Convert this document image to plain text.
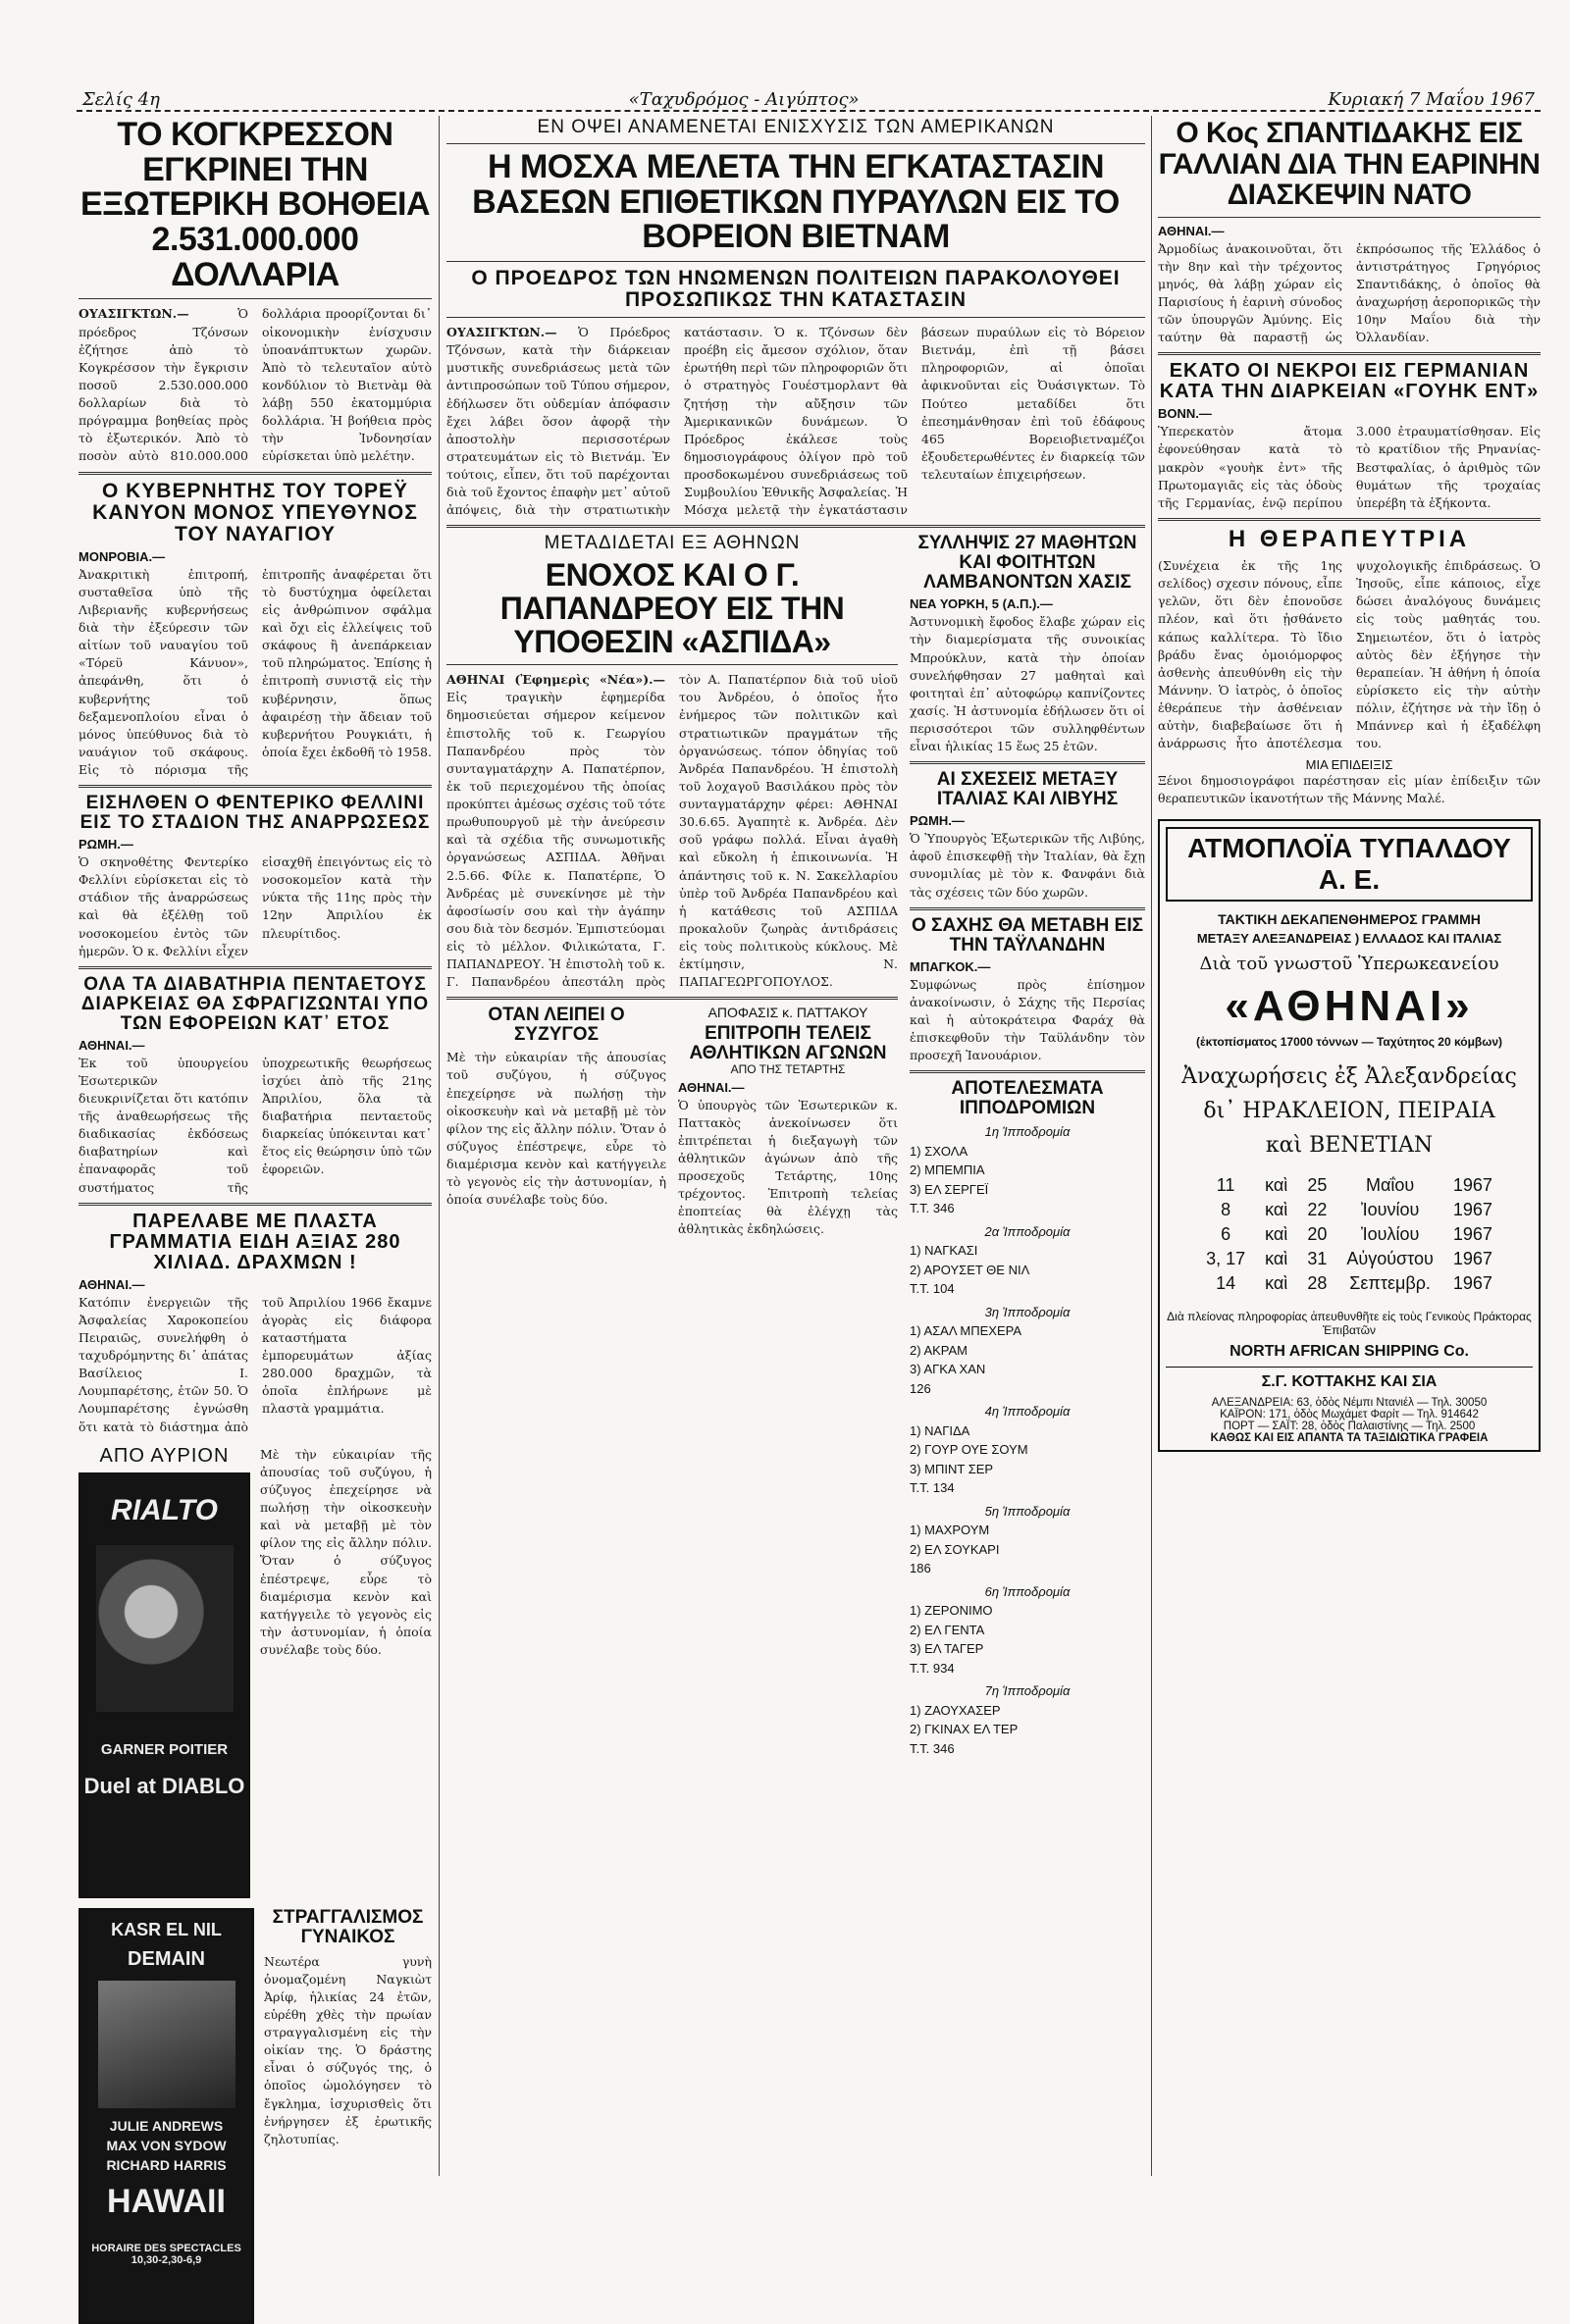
Σελίς 4η	«Ταχυδρόμος - Αιγύπτος»	Κυριακή 7 Μαΐου 1967
ΤΟ ΚΟΓΚΡΕΣΣΟΝ ΕΓΚΡΙΝΕΙ ΤΗΝ ΕΞΩΤΕΡΙΚΗ ΒΟΗΘΕΙΑ 2.531.000.000 ΔΟΛΛΑΡΙΑ
ΟΥΑΣΙΓΚΤΩΝ.—	Ὁ πρόεδρος Τζόνσων ἐζήτησε ἀπὸ τὸ Κογκρέσσον τὴν ἔγκρισιν ποσοῦ 2.530.000.000 δολλαρίων διὰ τὸ πρόγραμμα βοηθείας πρὸς τὸ ἐξωτερικόν. Ἀπὸ τὸ ποσὸν αὐτὸ 810.000.000 δολλάρια προορίζονται δι᾽ οἰκονομικὴν ἐνίσχυσιν ὑποανάπτυκτων χωρῶν. Ἀπὸ τὸ τελευταῖον αὐτὸ κονδύλιον τὸ Βιετνὰμ θὰ λάβῃ 550 ἑκατομμύρια δολλάρια. Ἡ βοήθεια πρὸς τὴν Ἰνδονησίαν εὑρίσκεται ὑπὸ μελέτην.
Ο ΚΥΒΕΡΝΗΤΗΣ ΤΟΥ ΤΟΡΕΫ ΚΑΝΥΟΝ ΜΟΝΟΣ ΥΠΕΥΘΥΝΟΣ ΤΟΥ ΝΑΥΑΓΙΟΥ
ΜΟΝΡΟΒΙΑ.—
Ἀνακριτικὴ ἐπιτροπή, συσταθεῖσα ὑπὸ τῆς Λιβεριανῆς κυβερνήσεως διὰ τὴν ἐξεύρεσιν τῶν αἰτίων τοῦ ναυαγίου τοῦ «Τόρεϋ Κάνυον», ἀπεφάνθη, ὅτι ὁ κυβερνήτης τοῦ δεξαμενοπλοίου εἶναι ὁ μόνος ὑπεύθυνος διὰ τὸ ναυάγιον τοῦ σκάφους. Εἰς τὸ πόρισμα τῆς ἐπιτροπῆς ἀναφέρεται ὅτι τὸ δυστύχημα ὀφείλεται εἰς ἀνθρώπινον σφάλμα καὶ ὄχι εἰς ἐλλείψεις τοῦ σκάφους ἢ ἀνεπάρκειαν τοῦ πληρώματος. Ἐπίσης ἡ ἐπιτροπὴ συνιστᾷ εἰς τὴν κυβέρνησιν, ὅπως ἀφαιρέσῃ τὴν ἄδειαν τοῦ κυβερνήτου Ρουγκιάτι, ἡ ὁποία ἔχει ἐκδοθῆ τὸ 1958.
ΕΙΣΗΛΘΕΝ Ο ΦΕΝΤΕΡΙΚΟ ΦΕΛΛΙΝΙ ΕΙΣ ΤΟ ΣΤΑΔΙΟΝ ΤΗΣ ΑΝΑΡΡΩΣΕΩΣ
ΡΩΜΗ.—
Ὁ σκηνοθέτης Φεντερίκο Φελλίνι εὑρίσκεται εἰς τὸ στάδιον τῆς ἀναρρώσεως καὶ θὰ ἐξέλθῃ τοῦ νοσοκομείου ἐντὸς τῶν ἡμερῶν. Ὁ κ. Φελλίνι εἶχεν εἰσαχθῆ ἐπειγόντως εἰς τὸ νοσοκομεῖον κατὰ τὴν νύκτα τῆς 11ης πρὸς τὴν 12ην Ἀπριλίου ἐκ πλευρίτιδος.
ΟΛΑ ΤΑ ΔΙΑΒΑΤΗΡΙΑ ΠΕΝΤΑΕΤΟΥΣ ΔΙΑΡΚΕΙΑΣ ΘΑ ΣΦΡΑΓΙΖΩΝΤΑΙ ΥΠΟ ΤΩΝ ΕΦΟΡΕΙΩΝ ΚΑΤ᾽ ΕΤΟΣ
ΑΘΗΝΑΙ.—
Ἐκ τοῦ ὑπουργείου Ἐσωτερικῶν διευκρινίζεται ὅτι κατόπιν τῆς ἀναθεωρήσεως τῆς διαδικασίας ἐκδόσεως διαβατηρίων καὶ ἐπαναφορᾶς τοῦ συστήματος τῆς ὑποχρεωτικῆς θεωρήσεως ἰσχύει ἀπὸ τῆς 21ης Ἀπριλίου, ὅλα τὰ διαβατήρια πενταετοῦς διαρκείας ὑπόκεινται κατ᾽ ἔτος εἰς θεώρησιν ὑπὸ τῶν ἐφορειῶν.
ΠΑΡΕΛΑΒΕ ΜΕ ΠΛΑΣΤΑ ΓΡΑΜΜΑΤΙΑ ΕΙΔΗ ΑΞΙΑΣ 280 ΧΙΛΙΑΔ. ΔΡΑΧΜΩΝ !
ΑΘΗΝΑΙ.—
Κατόπιν ἐνεργειῶν τῆς Ἀσφαλείας Χαροκοπείου Πειραιῶς, συνελήφθη ὁ ταχυδρόμηντης δι᾽ ἀπάτας Βασίλειος Ι. Λουμπαρέτσης, ἐτῶν 50. Ὁ Λουμπαρέτσης ἐγνώσθη ὅτι κατὰ τὸ διάστημα ἀπὸ τοῦ Ἀπριλίου 1966 ἔκαμνε ἀγορὰς εἰς διάφορα καταστήματα ἐμπορευμάτων ἀξίας 280.000 δραχμῶν, τὰ ὁποῖα ἐπλήρωνε μὲ πλαστὰ γραμμάτια.
ΑΠΟ ΑΥΡΙΟΝ
RIALTO
GARNER POITIER
Duel at DIABLO
Μὲ τὴν εὐκαιρίαν τῆς ἀπουσίας τοῦ συζύγου, ἡ σύζυγος ἐπεχείρησε νὰ πωλήσῃ τὴν οἰκοσκευὴν καὶ νὰ μεταβῇ μὲ τὸν φίλον της εἰς ἄλλην πόλιν. Ὅταν ὁ σύζυγος ἐπέστρεψε, εὗρε τὸ διαμέρισμα κενὸν καὶ κατήγγειλε τὸ γεγονὸς εἰς τὴν ἀστυνομίαν, ἡ ὁποία συνέλαβε τοὺς δύο.
KASR EL NIL
DEMAIN
JULIE ANDREWS
MAX VON SYDOW
RICHARD HARRIS
HAWAII
HORAIRE DES SPECTACLES 10,30-2,30-6,9
ΣΤΡΑΓΓΑΛΙΣΜΟΣ ΓΥΝΑΙΚΟΣ
Νεωτέρα γυνὴ ὀνομαζομένη Ναγκιὼτ Ἀρίφ, ἡλικίας 24 ἐτῶν, εὑρέθη χθὲς τὴν πρωίαν στραγγαλισμένη εἰς τὴν οἰκίαν της. Ὁ δράστης εἶναι ὁ σύζυγός της, ὁ ὁποῖος ὡμολόγησεν τὸ ἔγκλημα, ἰσχυρισθεὶς ὅτι ἐνήργησεν ἐξ ἐρωτικῆς ζηλοτυπίας.
ΕΝ ΟΨΕΙ ΑΝΑΜΕΝΕΤΑΙ ΕΝΙΣΧΥΣΙΣ ΤΩΝ ΑΜΕΡΙΚΑΝΩΝ
Η ΜΟΣΧΑ ΜΕΛΕΤΑ ΤΗΝ ΕΓΚΑΤΑΣΤΑΣΙΝ ΒΑΣΕΩΝ ΕΠΙΘΕΤΙΚΩΝ ΠΥΡΑΥΛΩΝ ΕΙΣ ΤΟ ΒΟΡΕΙΟΝ ΒΙΕΤΝΑΜ
Ο ΠΡΟΕΔΡΟΣ ΤΩΝ ΗΝΩΜΕΝΩΝ ΠΟΛΙΤΕΙΩΝ ΠΑΡΑΚΟΛΟΥΘΕΙ ΠΡΟΣΩΠΙΚΩΣ ΤΗΝ ΚΑΤΑΣΤΑΣΙΝ
ΟΥΑΣΙΓΚΤΩΝ.— Ὁ Πρόεδρος Τζόνσων, κατὰ τὴν διάρκειαν μυστικῆς συνεδριάσεως μετὰ τῶν ἀντιπροσώπων τοῦ Τύπου σήμερον, ἐδήλωσεν ὅτι οὐδεμίαν ἀπόφασιν ἔχει λάβει ὅσον ἀφορᾷ τὴν ἀποστολὴν περισσοτέρων στρατευμάτων εἰς τὸ Βιετνάμ. Ἐν τούτοις, εἶπεν, ὅτι τοῦ παρέχονται διὰ τοῦ ἔχοντος ἐπαφὴν μετ᾽ αὐτοῦ ἀπόψεις, διὰ τὴν στρατιωτικὴν κατάστασιν. Ὁ κ. Τζόνσων δὲν προέβη εἰς ἄμεσον σχόλιον, ὅταν ἐρωτήθη περὶ τῶν πληροφοριῶν ὅτι ὁ στρατηγὸς Γουέστμορλαντ θὰ ζητήσῃ τὴν αὔξησιν τῶν Ἀμερικανικῶν δυνάμεων. Ὁ Πρόεδρος ἐκάλεσε τοὺς δημοσιογράφους ὀλίγον πρὸ τοῦ προσδοκωμένου συνεδριάσεως τοῦ Συμβουλίου Ἐθνικῆς Ἀσφαλείας. Ἡ Μόσχα μελετᾷ τὴν ἐγκατάστασιν βάσεων πυραύλων εἰς τὸ Βόρειον Βιετνάμ, ἐπὶ τῇ βάσει πληροφοριῶν, αἱ ὁποῖαι ἀφικνοῦνται εἰς Ὀυάσιγκτων. Τὸ Πούτεο μεταδίδει ὅτι ἐπεσημάνθησαν ἐπὶ τοῦ ἐδάφους 465 Βορειοβιετναμέζοι ἐξουδετερωθέντες ἐν διαρκείᾳ τῶν τελευταίων ἐπιχειρήσεων.
ΜΕΤΑΔΙΔΕΤΑΙ ΕΞ ΑΘΗΝΩΝ
ΕΝΟΧΟΣ ΚΑΙ Ο Γ. ΠΑΠΑΝΔΡΕΟΥ ΕΙΣ ΤΗΝ ΥΠΟΘΕΣΙΝ «ΑΣΠΙΔΑ»
ΑΘΗΝΑΙ (Ἐφημερὶς «Νέα»).— Εἰς τραγικὴν ἐφημερίδα δημοσιεύεται σήμερον κείμενον ἐπιστολῆς τοῦ κ. Γεωργίου Παπανδρέου πρὸς τὸν συνταγματάρχην Α. Παπατέρπον, ἐκ τοῦ περιεχομένου τῆς ὁποίας προκύπτει ἀμέσως σχέσις τοῦ τότε πρωθυπουργοῦ μὲ τὴν ἀνεύρεσιν καὶ τὰ σχέδια τῆς συνωμοτικῆς ὀργανώσεως ΑΣΠΙΔΑ. Ἀθῆναι 2.5.66. Φίλε κ. Παπατέρπε, Ὁ Ἀνδρέας μὲ συνεκίνησε μὲ τὴν ἀφοσίωσίν σου καὶ τὴν ἀγάπην σου διὰ τὸν δεσμόν. Ἐμπιστεύομαι εἰς τὸ μέλλον. Φιλικώτατα, Γ. ΠΑΠΑΝΔΡΕΟΥ. Ἡ ἐπιστολὴ τοῦ κ. Γ. Παπανδρέου ἀπεστάλη πρὸς τὸν Α. Παπατέρπον διὰ τοῦ υἱοῦ του Ἀνδρέου, ὁ ὁποῖος ἦτο ἐνήμερος τῶν πολιτικῶν καὶ στρατιωτικῶν πραγμάτων τῆς ὀργανώσεως. τόπον ὁδηγίας τοῦ Ἀνδρέα Παπανδρέου. Ἡ ἐπιστολὴ τοῦ λοχαγοῦ Βασιλάκου πρὸς τὸν συνταγματάρχην φέρει: ΑΘΗΝΑΙ 30.6.65. Ἀγαπητὲ κ. Ἀνδρέα. Δὲν σοῦ γράφω πολλά. Εἶναι ἀγαθὴ καὶ εὔκολη ἡ ἐπικοινωνία. Ἡ ἀπάντησις τοῦ κ. Ν. Σακελλαρίου ὑπὲρ τοῦ Ἀνδρέα Παπανδρέου καὶ ἡ κατάθεσις τοῦ ΑΣΠΙΔΑ προκαλοῦν ζωηρὰς ἀντιδράσεις εἰς τοὺς πολιτικοὺς κύκλους. Μὲ ἐκτίμησιν, Ν. ΠΑΠΑΓΕΩΡΓΟΠΟΥΛΟΣ.
ΟΤΑΝ ΛΕΙΠΕΙ Ο ΣΥΖΥΓΟΣ
Μὲ τὴν εὐκαιρίαν τῆς ἀπουσίας τοῦ συζύγου, ἡ σύζυγος ἐπεχείρησε νὰ πωλήσῃ τὴν οἰκοσκευὴν καὶ νὰ μεταβῇ μὲ τὸν φίλον της εἰς ἄλλην πόλιν. Ὅταν ὁ σύζυγος ἐπέστρεψε, εὗρε τὸ διαμέρισμα κενὸν καὶ κατήγγειλε τὸ γεγονὸς εἰς τὴν ἀστυνομίαν, ἡ ὁποία συνέλαβε τοὺς δύο.
ΑΠΟΦΑΣΙΣ κ. ΠΑΤΤΑΚΟΥ
ΕΠΙΤΡΟΠΗ ΤΕΛΕΙΣ ΑΘΛΗΤΙΚΩΝ ΑΓΩΝΩΝ
ΑΠΟ ΤΗΣ ΤΕΤΑΡΤΗΣ
ΑΘΗΝΑΙ.—
Ὁ ὑπουργὸς τῶν Ἐσωτερικῶν κ. Παττακὸς ἀνεκοίνωσεν ὅτι ἐπιτρέπεται ἡ διεξαγωγὴ τῶν ἀθλητικῶν ἀγώνων ἀπὸ τῆς προσεχοῦς Τετάρτης, 10ης τρέχοντος. Ἐπιτροπὴ τελείας ἐποπτείας θὰ ἐλέγχῃ τὰς ἀθλητικὰς ἐκδηλώσεις.
ΣΥΛΛΗΨΙΣ 27 ΜΑΘΗΤΩΝ ΚΑΙ ΦΟΙΤΗΤΩΝ ΛΑΜΒΑΝΟΝΤΩΝ ΧΑΣΙΣ
ΝΕΑ ΥΟΡΚΗ, 5 (Α.Π.).—
Ἀστυνομικὴ ἔφοδος ἔλαβε χώραν εἰς τὴν διαμερίσματα τῆς συνοικίας Μπρούκλυν, κατὰ τὴν ὁποίαν συνελήφθησαν 27 μαθηταὶ καὶ φοιτηταὶ ἐπ᾽ αὐτοφώρῳ καπνίζοντες χασίς. Ἡ ἀστυνομία ἐδήλωσεν ὅτι οἱ περισσότεροι τῶν συλληφθέντων εἶναι ἡλικίας 15 ἕως 25 ἐτῶν.
ΑΙ ΣΧΕΣΕΙΣ ΜΕΤΑΞΥ ΙΤΑΛΙΑΣ ΚΑΙ ΛΙΒΥΗΣ
ΡΩΜΗ.—
Ὁ Ὑπουργὸς Ἐξωτερικῶν τῆς Λιβύης, ἀφοῦ ἐπισκεφθῇ τὴν Ἰταλίαν, θὰ ἔχῃ συνομιλίας μὲ τὸν κ. Φανφάνι διὰ τὰς σχέσεις τῶν δύο χωρῶν.
Ο ΣΑΧΗΣ ΘΑ ΜΕΤΑΒΗ ΕΙΣ ΤΗΝ ΤΑΫΛΑΝΔΗΝ
ΜΠΑΓΚΟΚ.—
Συμφώνως πρὸς ἐπίσημον ἀνακοίνωσιν, ὁ Σάχης τῆς Περσίας καὶ ἡ αὐτοκράτειρα Φαράχ θὰ ἐπισκεφθοῦν τὴν Ταϋλάνδην τὸν προσεχῆ Ἰανουάριον.
ΑΠΟΤΕΛΕΣΜΑΤΑ ΙΠΠΟΔΡΟΜΙΩΝ
1η Ἱπποδρομία
1) ΣΧΟΛΑ
2) ΜΠΕΜΠΙΑ
3) ΕΛ ΣΕΡΓΕΪ
Τ.Τ. 346
2α Ἱπποδρομία
1) ΝΑΓΚΑΣΙ
2) ΑΡΟΥΣΕΤ ΘΕ ΝΙΛ
Τ.Τ. 104
3η Ἱπποδρομία
1) ΑΣΑΛ ΜΠΕΧΕΡΑ
2) ΑΚΡΑΜ
3) ΑΓΚΑ ΧΑΝ
126
4η Ἱπποδρομία
1) ΝΑΓΙΔΑ
2) ΓΟΥΡ ΟΥΕ ΣΟΥΜ
3) ΜΠΙΝΤ ΣΕΡ
Τ.Τ. 134
5η Ἱπποδρομία
1) ΜΑΧΡΟΥΜ
2) ΕΛ ΣΟΥΚΑΡΙ
186
6η Ἱπποδρομία
1) ΖΕΡΟΝΙΜΟ
2) ΕΛ ΓΕΝΤΑ
3) ΕΛ ΤΑΓΕΡ
Τ.Τ. 934
7η Ἱπποδρομία
1) ΖΑΟΥΧΑΣΕΡ
2) ΓΚΙΝΑΧ ΕΛ ΤΕΡ
Τ.Τ. 346
Ο Κος ΣΠΑΝΤΙΔΑΚΗΣ ΕΙΣ ΓΑΛΛΙΑΝ ΔΙΑ ΤΗΝ ΕΑΡΙΝΗΝ ΔΙΑΣΚΕΨΙΝ ΝΑΤΟ
ΑΘΗΝΑΙ.—
Ἀρμοδίως ἀνακοινοῦται, ὅτι τὴν 8ην καὶ τὴν τρέχοντος μηνός, θὰ λάβῃ χώραν εἰς Παρισίους ἡ ἐαρινὴ σύνοδος τῶν ὑπουργῶν Ἀμύνης. Εἰς ταύτην θὰ παραστῇ ὡς ἐκπρόσωπος τῆς Ἑλλάδος ὁ ἀντιστράτηγος Γρηγόριος Σπαντιδάκης, ὁ ὁποῖος θὰ ἀναχωρήσῃ ἀεροπορικῶς τὴν 10ην Μαΐου διὰ τὴν Ὀλλανδίαν.
ΕΚΑΤΟ ΟΙ ΝΕΚΡΟΙ ΕΙΣ ΓΕΡΜΑΝΙΑΝ ΚΑΤΑ ΤΗΝ ΔΙΑΡΚΕΙΑΝ «ΓΟΥΗΚ ΕΝΤ»
ΒΟΝΝ.—
Ὑπερεκατὸν ἄτομα ἐφονεύθησαν κατὰ τὸ μακρὸν «γουὴκ ἐντ» τῆς Πρωτομαγιᾶς εἰς τὰς ὁδοὺς τῆς Γερμανίας, ἐνῷ περίπου 3.000 ἐτραυματίσθησαν. Εἰς τὸ κρατίδιον τῆς Ρηνανίας-Βεστφαλίας, ὁ ἀριθμὸς τῶν θυμάτων τῆς τροχαίας ὑπερέβη τὰ ἑξήκοντα.
Η ΘΕΡΑΠΕΥΤΡΙΑ
(Συνέχεια ἐκ τῆς 1ης σελίδος) σχεσιν πόνους, εἶπε γελῶν, ὅτι δὲν ἐπονοῦσε πλέον, καὶ ὅτι ᾐσθάνετο κάπως καλλίτερα. Τὸ ἴδιο βράδυ ἔνας ὁμοιόμορφος ἀσθενὴς ἀπευθύνθη εἰς τὴν Μάννην. Ὁ ἰατρὸς, ὁ ὁποῖος ἐθεράπευε τὴν ἀσθένειαν αὐτὴν, διαβεβαίωσε ὅτι ἡ ἀνάρρωσις ἦτο ἀποτέλεσμα ψυχολογικῆς ἐπιδράσεως. Ὁ Ἰησοῦς, εἶπε κάποιος, εἶχε δώσει ἀναλόγους δυνάμεις εἰς τοὺς μαθητάς του. Σημειωτέον, ὅτι ὁ ἰατρὸς αὐτὸς δὲν ἐξήγησε τὴν θεραπείαν. Ἡ ἀθήνη ἡ ὁποία εὑρίσκετο εἰς τὴν αὐτὴν πόλιν, ἐζήτησε νὰ τὴν ἴδῃ ὁ Μπάννερ καὶ ἡ ἐξαδέλφη του.
ΜΙΑ ΕΠΙΔΕΙΞΙΣ
Ξένοι δημοσιογράφοι παρέστησαν εἰς μίαν ἐπίδειξιν τῶν θεραπευτικῶν ἱκανοτήτων τῆς Μάννης Μαλέ.
ΑΤΜΟΠΛΟΪΑ ΤΥΠΑΛΔΟΥ Α. Ε.
ΤΑΚΤΙΚΗ ΔΕΚΑΠΕΝΘΗΜΕΡΟΣ ΓΡΑΜΜΗ
ΜΕΤΑΞΥ ΑΛΕΞΑΝΔΡΕΙΑΣ ) ΕΛΛΑΔΟΣ ΚΑΙ ΙΤΑΛΙΑΣ
Διὰ τοῦ γνωστοῦ Ὑπερωκεανείου
«ΑΘΗΝΑΙ»
(ἐκτοπίσματος 17000 τόννων — Ταχύτητος 20 κόμβων)
Ἀναχωρήσεις ἐξ Ἀλεξανδρείας
δι᾽ ΗΡΑΚΛΕΙΟΝ, ΠΕΙΡΑΙΑ
καὶ ΒΕΝΕΤΙΑΝ
11	καὶ	25	Μαΐου	1967
8	καὶ	22	Ἰουνίου	1967
6	καὶ	20	Ἰουλίου	1967
3, 17	καὶ	31	Αὐγούστου	1967
14	καὶ	28	Σεπτεμβρ.	1967
Διὰ πλείονας πληροφορίας ἀπευθυνθῆτε εἰς τοὺς Γενικοὺς Πράκτορας Ἐπιβατῶν
NORTH AFRICAN SHIPPING Co.
Σ.Γ. ΚΟΤΤΑΚΗΣ ΚΑΙ ΣΙΑ
ΑΛΕΞΑΝΔΡΕΙΑ: 63, ὁδὸς Νέμπι Ντανιέλ — Τηλ. 30050
ΚΑΪΡΟΝ: 171, ὁδὸς Μωχάμετ Φαρίτ — Τηλ. 914642
ΠΟΡΤ — ΣΑΪΤ: 28, ὁδὸς Παλαιστίνης — Τηλ. 2500
ΚΑΘΩΣ ΚΑΙ ΕΙΣ ΑΠΑΝΤΑ ΤΑ ΤΑΞΙΔΙΩΤΙΚΑ ΓΡΑΦΕΙΑ
